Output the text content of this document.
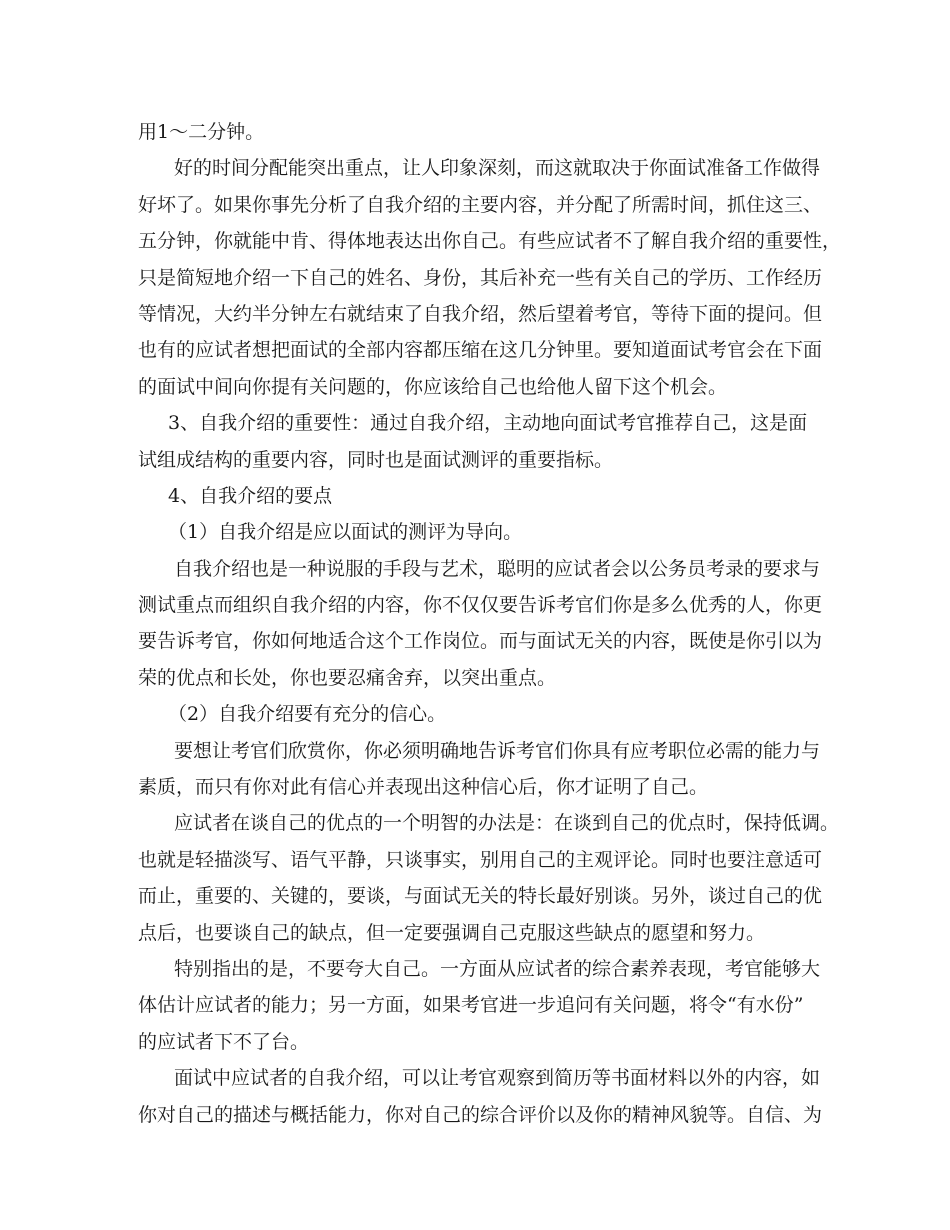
用1～二分钟。
好的时间分配能突出重点，让人印象深刻，而这就取决于你面试准备工作做得
好坏了。如果你事先分析了自我介绍的主要内容，并分配了所需时间，抓住这三、
五分钟，你就能中肯、得体地表达出你自己。有些应试者不了解自我介绍的重要性，
只是简短地介绍一下自己的姓名、身份，其后补充一些有关自己的学历、工作经历
等情况，大约半分钟左右就结束了自我介绍，然后望着考官，等待下面的提问。但
也有的应试者想把面试的全部内容都压缩在这几分钟里。要知道面试考官会在下面
的面试中间向你提有关问题的，你应该给自己也给他人留下这个机会。
3、自我介绍的重要性：通过自我介绍，主动地向面试考官推荐自己，这是面
试组成结构的重要内容，同时也是面试测评的重要指标。
4、自我介绍的要点
（1）自我介绍是应以面试的测评为导向。
自我介绍也是一种说服的手段与艺术，聪明的应试者会以公务员考录的要求与
测试重点而组织自我介绍的内容，你不仅仅要告诉考官们你是多么优秀的人，你更
要告诉考官，你如何地适合这个工作岗位。而与面试无关的内容，既使是你引以为
荣的优点和长处，你也要忍痛舍弃，以突出重点。
（2）自我介绍要有充分的信心。
要想让考官们欣赏你，你必须明确地告诉考官们你具有应考职位必需的能力与
素质，而只有你对此有信心并表现出这种信心后，你才证明了自己。
应试者在谈自己的优点的一个明智的办法是：在谈到自己的优点时，保持低调。
也就是轻描淡写、语气平静，只谈事实，别用自己的主观评论。同时也要注意适可
而止，重要的、关键的，要谈，与面试无关的特长最好别谈。另外，谈过自己的优
点后，也要谈自己的缺点，但一定要强调自己克服这些缺点的愿望和努力。
特别指出的是，不要夸大自己。一方面从应试者的综合素养表现，考官能够大
体估计应试者的能力；另一方面，如果考官进一步追问有关问题，将令“有水份”
的应试者下不了台。
面试中应试者的自我介绍，可以让考官观察到简历等书面材料以外的内容，如
你对自己的描述与概括能力，你对自己的综合评价以及你的精神风貌等。自信、为
